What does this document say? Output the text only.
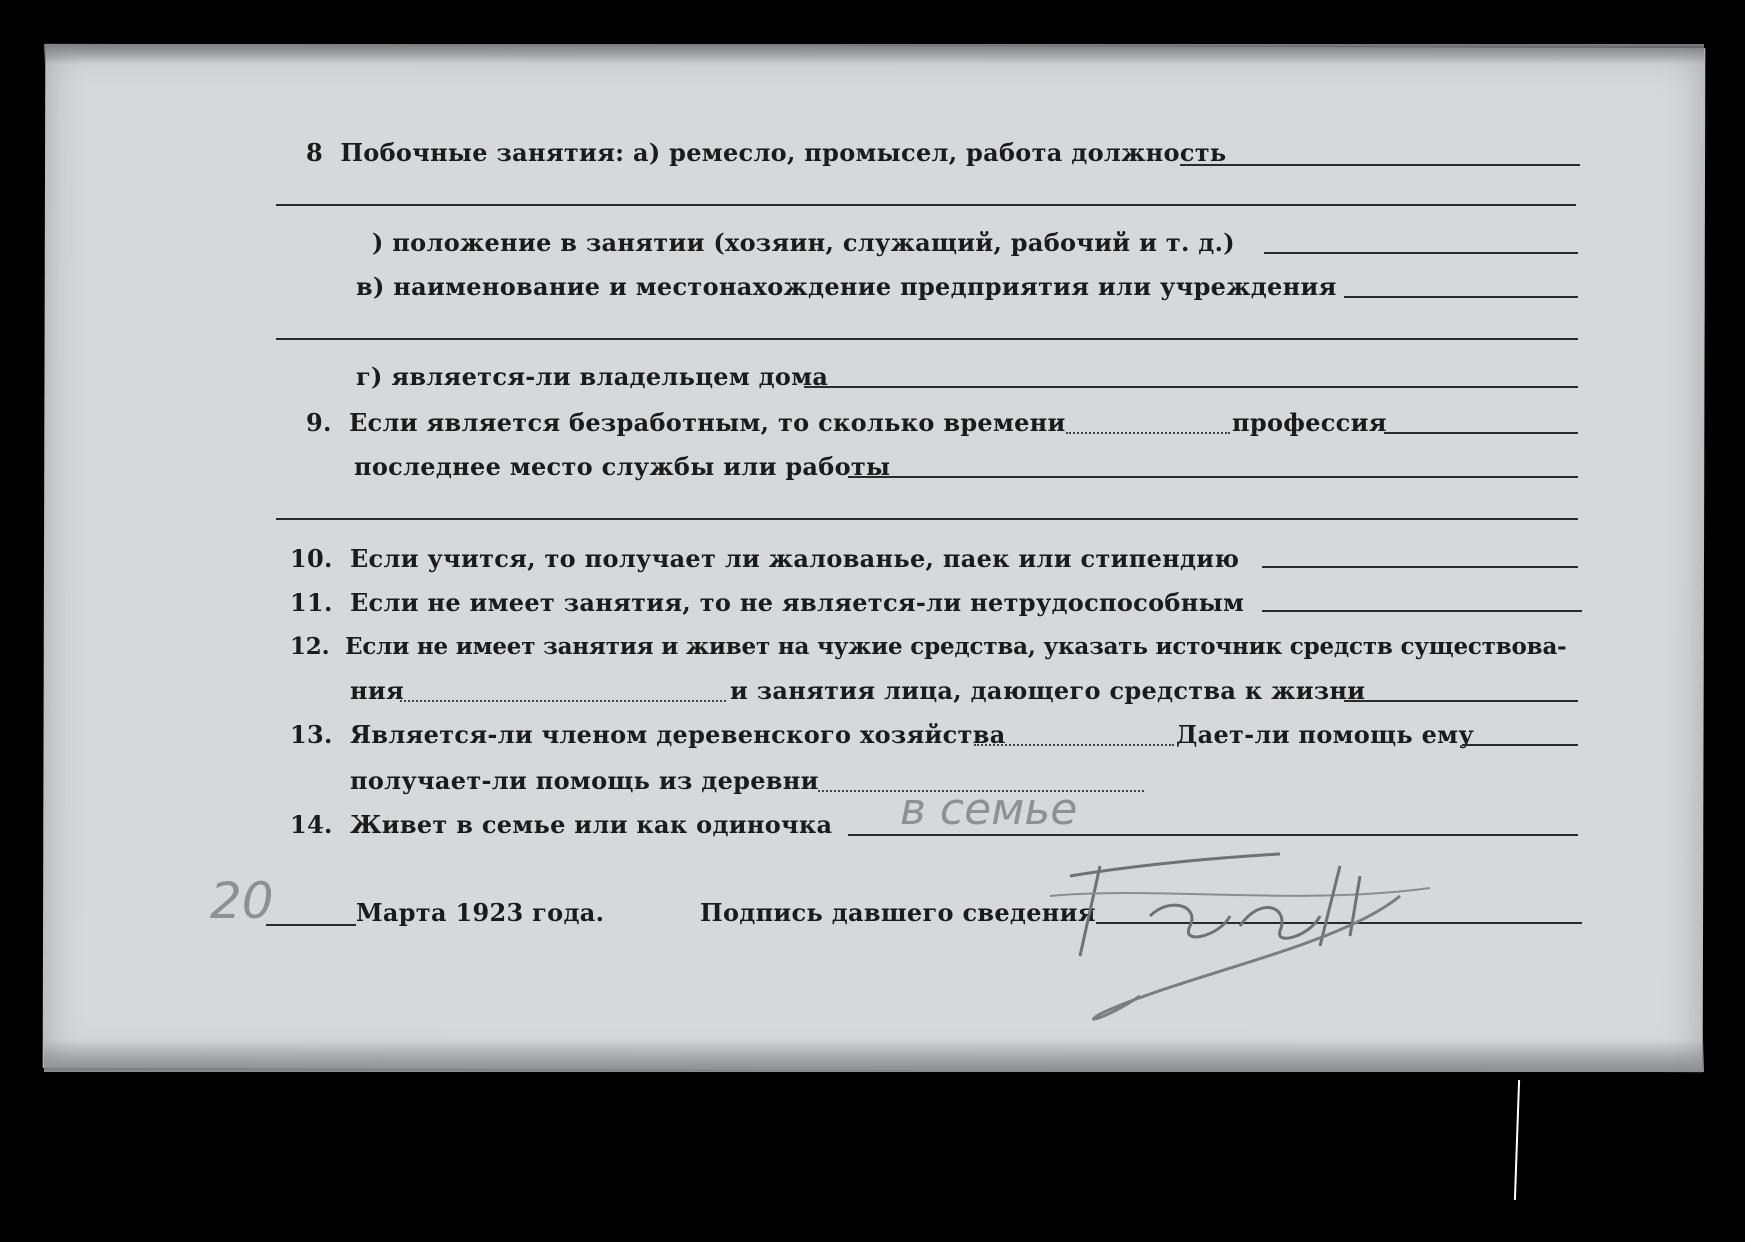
8 Побочные занятия: а) ремесло, промысел, работа должность
) положение в занятии (хозяин, служащий, рабочий и т. д.)
в) наименование и местонахождение предприятия или учреждения
г) является-ли владельцем дома
9. Если является безработным, то сколько времени	профессия
последнее место службы или работы
10. Если учится, то получает ли жалованье, паек или стипендию
11. Если не имеет занятия, то не является-ли нетрудоспособным
12. Если не имеет занятия и живет на чужие средства, указать источник средств существова-
ния	и занятия лица, дающего средства к жизни
13. Является-ли членом деревенского хозяйства	Дает-ли помощь ему
получает-ли помощь из деревни
14. Живет в семье или как одиночка в семье
20	Марта 1923 года.	Подпись давшего сведения
